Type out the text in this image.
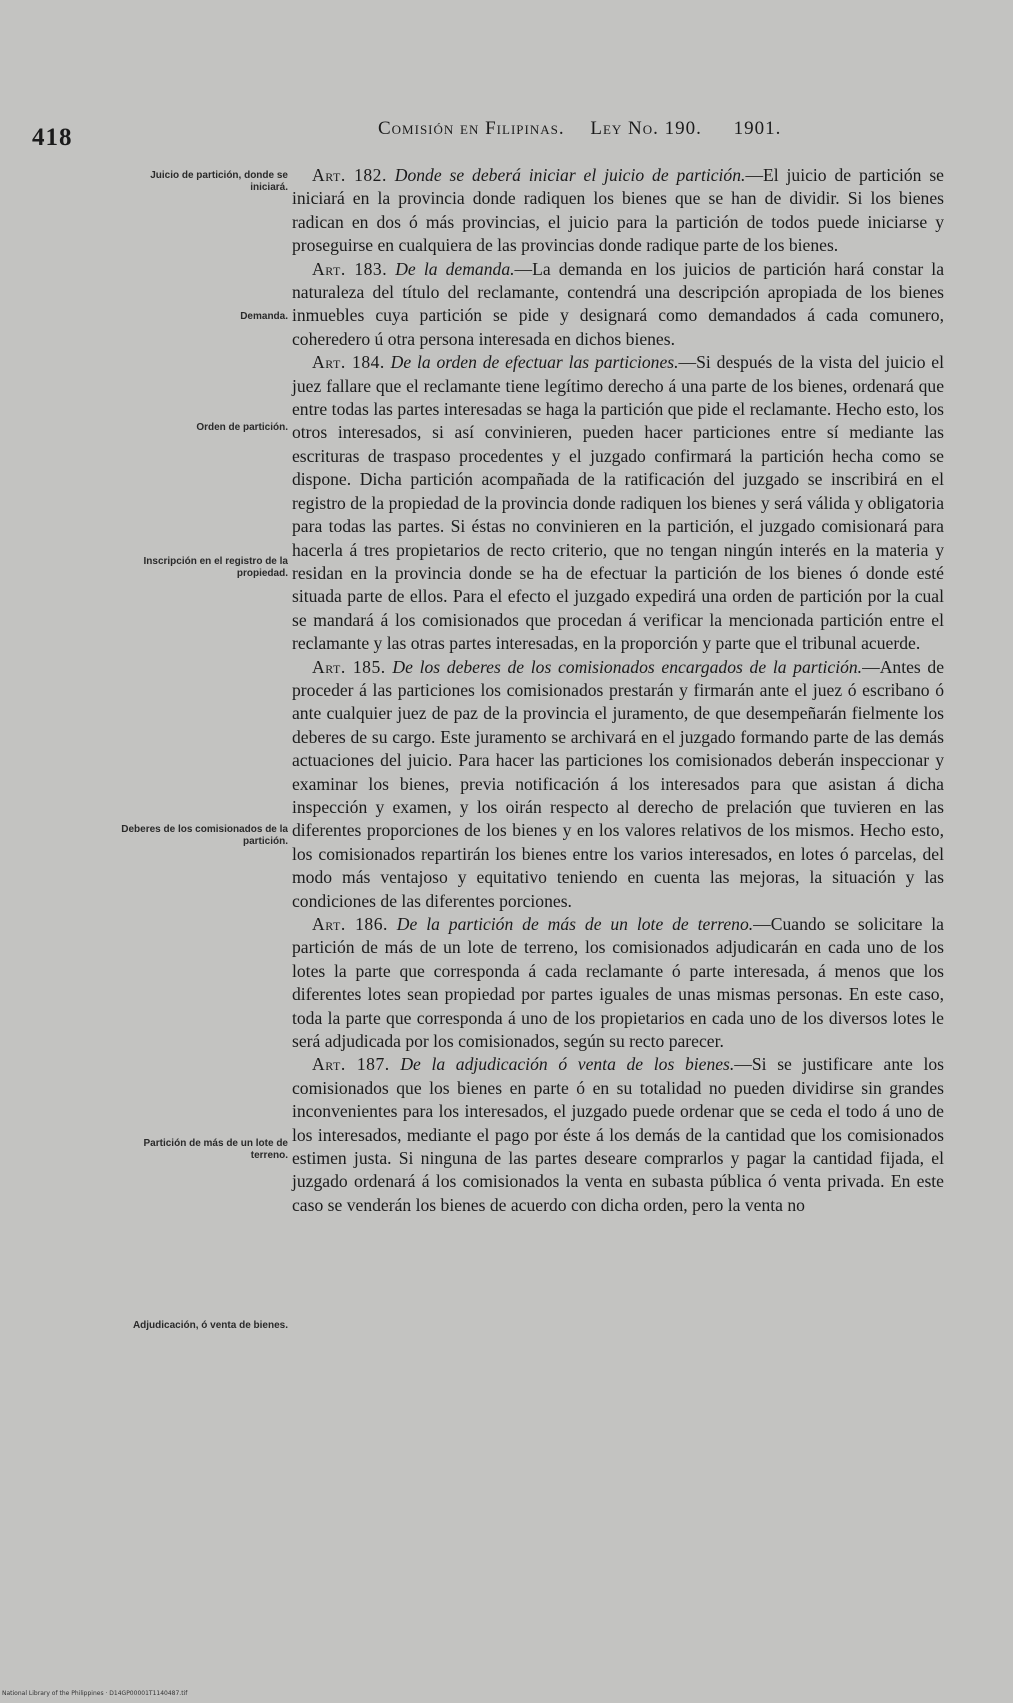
418	Comisión en Filipinas. Ley No. 190. 1901.
Juicio de partición, donde se iniciará.
Demanda.
Orden de partición.
Inscripción en el registro de la propiedad.
Deberes de los comisionados de la partición.
Partición de más de un lote de terreno.
Adjudicación, ó venta de bienes.

Art. 182. Donde se deberá iniciar el juicio de partición.—El juicio de partición se iniciará en la provincia donde radiquen los bienes que se han de dividir. Si los bienes radican en dos ó más provincias, el juicio para la partición de todos puede iniciarse y proseguirse en cualquiera de las provincias donde radique parte de los bienes.

Art. 183. De la demanda.—La demanda en los juicios de partición hará constar la naturaleza del título del reclamante, contendrá una descripción apropiada de los bienes inmuebles cuya partición se pide y designará como demandados á cada comunero, coheredero ú otra persona interesada en dichos bienes.

Art. 184. De la orden de efectuar las particiones.—Si después de la vista del juicio el juez fallare que el reclamante tiene legítimo derecho á una parte de los bienes, ordenará que entre todas las partes interesadas se haga la partición que pide el reclamante. Hecho esto, los otros interesados, si así convinieren, pueden hacer particiones entre sí mediante las escrituras de traspaso procedentes y el juzgado confirmará la partición hecha como se dispone. Dicha partición acompañada de la ratificación del juzgado se inscribirá en el registro de la propiedad de la provincia donde radiquen los bienes y será válida y obligatoria para todas las partes. Si éstas no convinieren en la partición, el juzgado comisionará para hacerla á tres propietarios de recto criterio, que no tengan ningún interés en la materia y residan en la provincia donde se ha de efectuar la partición de los bienes ó donde esté situada parte de ellos. Para el efecto el juzgado expedirá una orden de partición por la cual se mandará á los comisionados que procedan á verificar la mencionada partición entre el reclamante y las otras partes interesadas, en la proporción y parte que el tribunal acuerde.

Art. 185. De los deberes de los comisionados encargados de la partición.—Antes de proceder á las particiones los comisionados prestarán y firmarán ante el juez ó escribano ó ante cualquier juez de paz de la provincia el juramento, de que desempeñarán fielmente los deberes de su cargo. Este juramento se archivará en el juzgado formando parte de las demás actuaciones del juicio. Para hacer las particiones los comisionados deberán inspeccionar y examinar los bienes, previa notificación á los interesados para que asistan á dicha inspección y examen, y los oirán respecto al derecho de prelación que tuvieren en las diferentes proporciones de los bienes y en los valores relativos de los mismos. Hecho esto, los comisionados repartirán los bienes entre los varios interesados, en lotes ó parcelas, del modo más ventajoso y equitativo teniendo en cuenta las mejoras, la situación y las condiciones de las diferentes porciones.

Art. 186. De la partición de más de un lote de terreno.—Cuando se solicitare la partición de más de un lote de terreno, los comisionados adjudicarán en cada uno de los lotes la parte que corresponda á cada reclamante ó parte interesada, á menos que los diferentes lotes sean propiedad por partes iguales de unas mismas personas. En este caso, toda la parte que corresponda á uno de los propietarios en cada uno de los diversos lotes le será adjudicada por los comisionados, según su recto parecer.

Art. 187. De la adjudicación ó venta de los bienes.—Si se justificare ante los comisionados que los bienes en parte ó en su totalidad no pueden dividirse sin grandes inconvenientes para los interesados, el juzgado puede ordenar que se ceda el todo á uno de los interesados, mediante el pago por éste á los demás de la cantidad que los comisionados estimen justa. Si ninguna de las partes deseare comprarlos y pagar la cantidad fijada, el juzgado ordenará á los comisionados la venta en subasta pública ó venta privada. En este caso se venderán los bienes de acuerdo con dicha orden, pero la venta no

National Library of the Philippines · D14GP00001T1140487.tif
